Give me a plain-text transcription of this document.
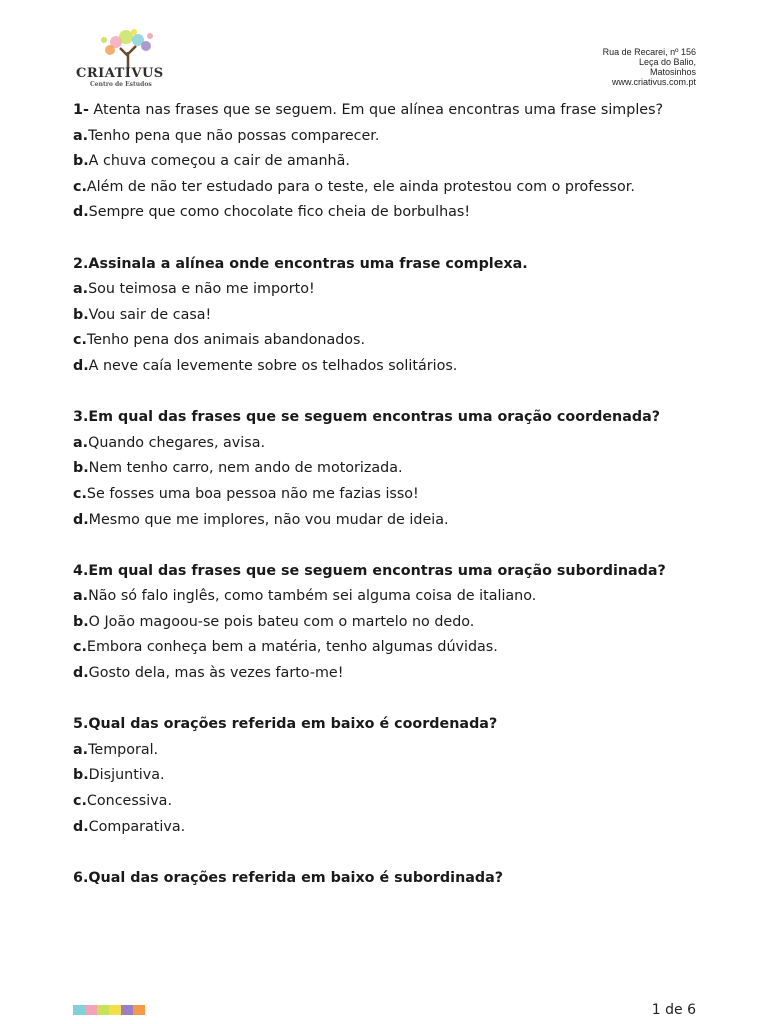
CRIATIVUS
Centro de Estudos
Rua de Recarei, nº 156
Leça do Balio,
Matosinhos
www.criativus.com.pt

1- Atenta nas frases que se seguem. Em que alínea encontras uma frase simples?

a.Tenho pena que não possas comparecer.

b.A chuva começou a cair de amanhã.

c.Além de não ter estudado para o teste, ele ainda protestou com o professor.

d.Sempre que como chocolate fico cheia de borbulhas!

2.Assinala a alínea onde encontras uma frase complexa.

a.Sou teimosa e não me importo!

b.Vou sair de casa!

c.Tenho pena dos animais abandonados.

d.A neve caía levemente sobre os telhados solitários.

3.Em qual das frases que se seguem encontras uma oração coordenada?

a.Quando chegares, avisa.

b.Nem tenho carro, nem ando de motorizada.

c.Se fosses uma boa pessoa não me fazias isso!

d.Mesmo que me implores, não vou mudar de ideia.

4.Em qual das frases que se seguem encontras uma oração subordinada?

a.Não só falo inglês, como também sei alguma coisa de italiano.

b.O João magoou-se pois bateu com o martelo no dedo.

c.Embora conheça bem a matéria, tenho algumas dúvidas.

d.Gosto dela, mas às vezes farto-me!

5.Qual das orações referida em baixo é coordenada?

a.Temporal.

b.Disjuntiva.

c.Concessiva.

d.Comparativa.

6.Qual das orações referida em baixo é subordinada?

1 de 6
